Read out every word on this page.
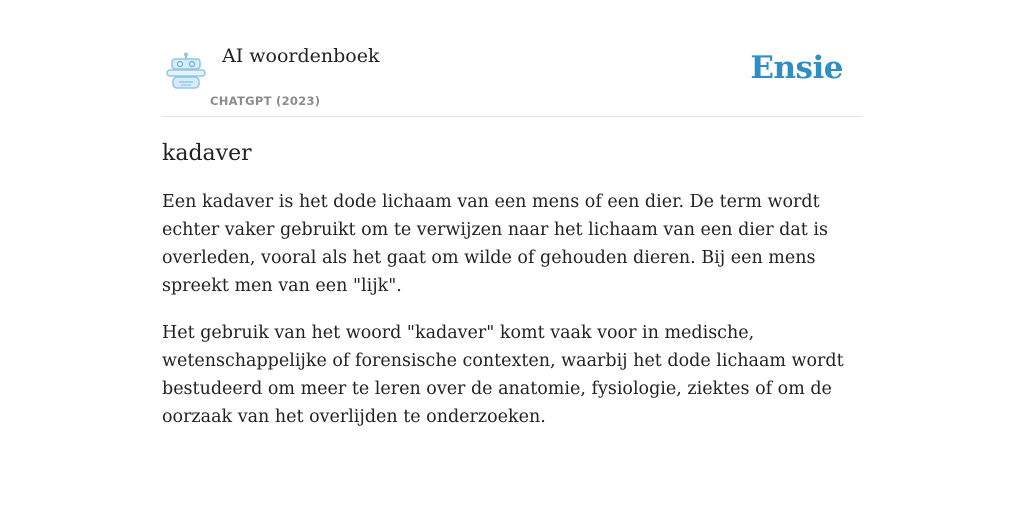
AI woordenboek
CHATGPT (2023)
Ensie
kadaver

Een kadaver is het dode lichaam van een mens of een dier. De term wordt echter vaker gebruikt om te verwijzen naar het lichaam van een dier dat is overleden, vooral als het gaat om wilde of gehouden dieren. Bij een mens spreekt men van een "lijk".

Het gebruik van het woord "kadaver" komt vaak voor in medische, wetenschappelijke of forensische contexten, waarbij het dode lichaam wordt bestudeerd om meer te leren over de anatomie, fysiologie, ziektes of om de oorzaak van het overlijden te onderzoeken.
